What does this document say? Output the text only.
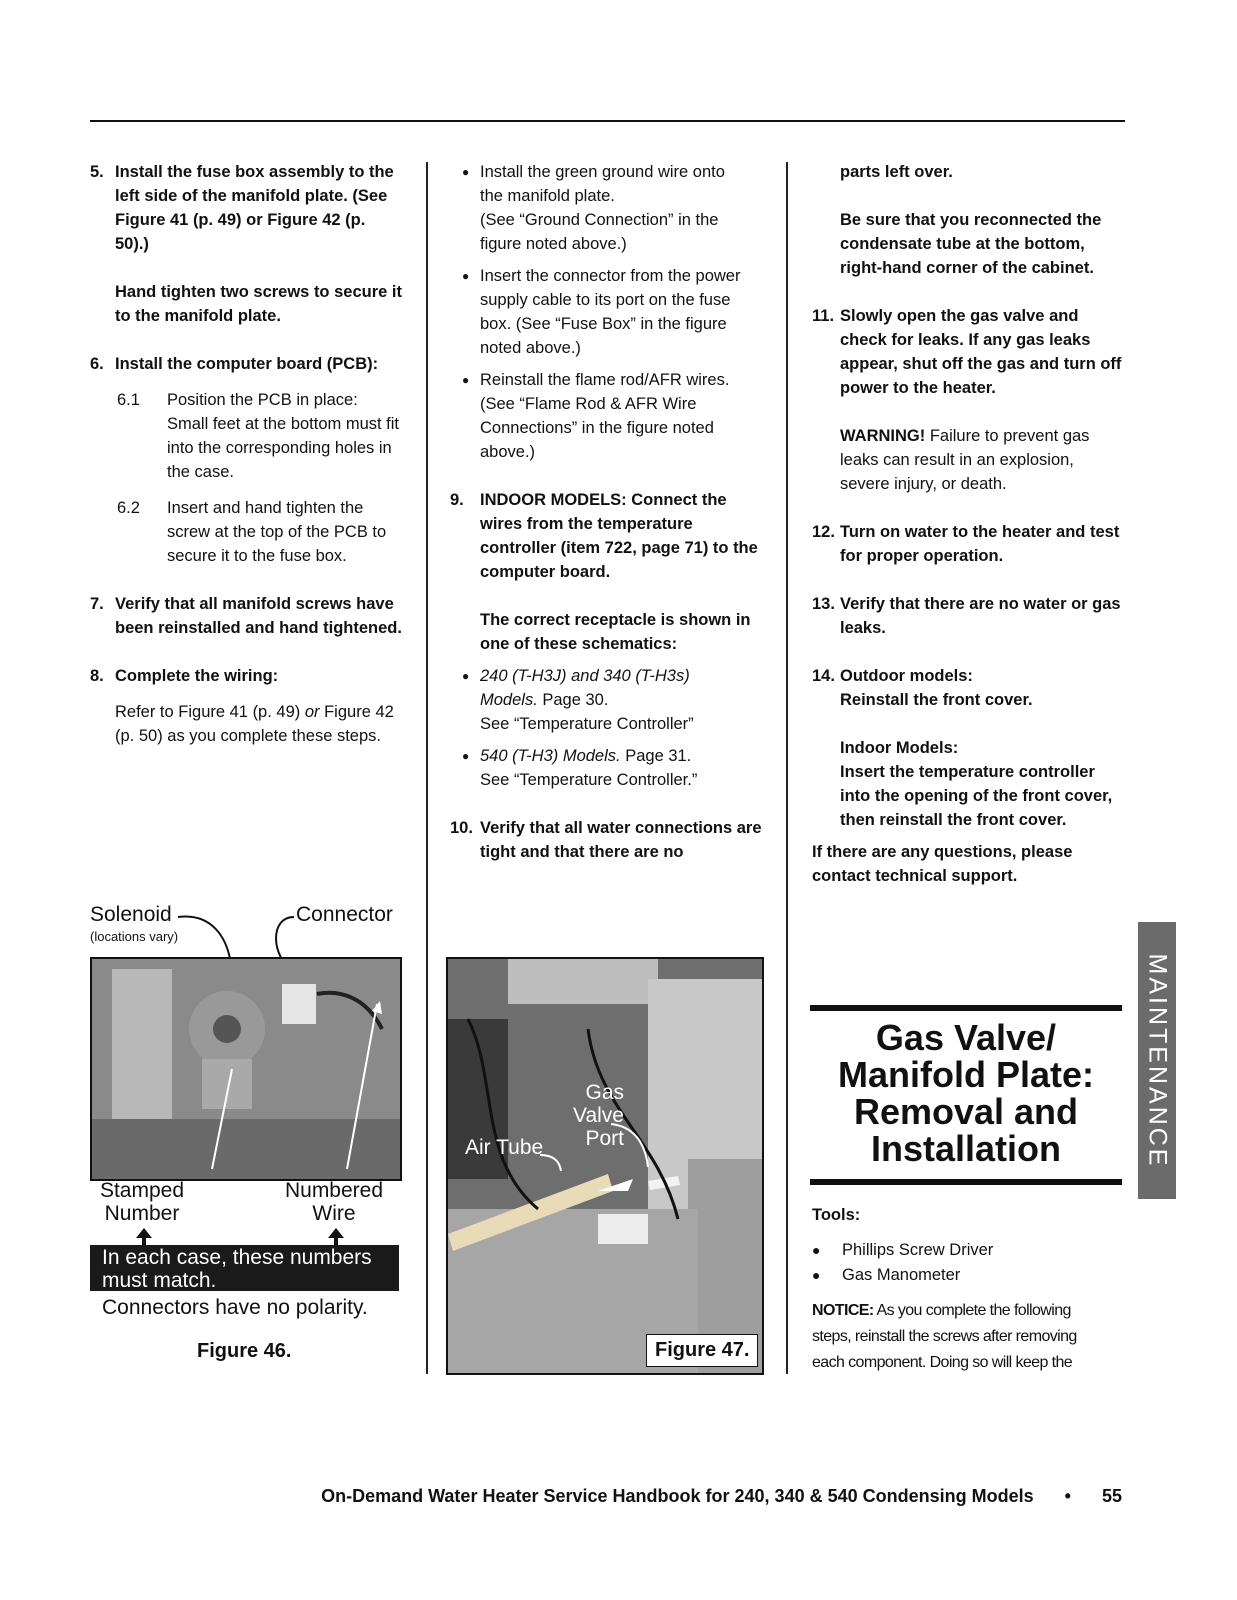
5. Install the fuse box assembly to the left side of the manifold plate. (See Figure 41 (p. 49) or Figure 42 (p. 50).)
Hand tighten two screws to secure it to the manifold plate.
6. Install the computer board (PCB):
6.1 Position the PCB in place: Small feet at the bottom must fit into the corresponding holes in the case.
6.2 Insert and hand tighten the screw at the top of the PCB to secure it to the fuse box.
7. Verify that all manifold screws have been reinstalled and hand tightened.
8. Complete the wiring:
Refer to Figure 41 (p. 49) or Figure 42 (p. 50) as you complete these steps.
Solenoid
(locations vary)
Connector
Stamped
Number
Numbered
Wire
In each case, these numbers
must match.
Connectors have no polarity.
Figure 46.
● Install the green ground wire onto the manifold plate.
(See “Ground Connection” in the figure noted above.)
● Insert the connector from the power supply cable to its port on the fuse box. (See “Fuse Box” in the figure noted above.)
● Reinstall the flame rod/AFR wires.
(See “Flame Rod & AFR Wire Connections” in the figure noted above.)
9. INDOOR MODELS: Connect the wires from the temperature controller (item 722, page 71) to the computer board.
The correct receptacle is shown in one of these schematics:
● 240 (T-H3J) and 340 (T-H3s) Models. Page 30.
See “Temperature Controller”
● 540 (T-H3) Models. Page 31.
See “Temperature Controller.”
10. Verify that all water connections are tight and that there are no
Gas Valve
Port
Air Tube
Figure 47.
parts left over.
Be sure that you reconnected the condensate tube at the bottom, right-hand corner of the cabinet.
11. Slowly open the gas valve and check for leaks. If any gas leaks appear, shut off the gas and turn off power to the heater.
WARNING! Failure to prevent gas leaks can result in an explosion, severe injury, or death.
12. Turn on water to the heater and test for proper operation.
13. Verify that there are no water or gas leaks.
14. Outdoor models:
Reinstall the front cover.
Indoor Models:
Insert the temperature controller into the opening of the front cover, then reinstall the front cover.
If there are any questions, please contact technical support.
MAINTENANCE
Gas Valve/
Manifold Plate:
Removal and
Installation
Tools:
● Phillips Screw Driver
● Gas Manometer
NOTICE: As you complete the following steps, reinstall the screws after removing each component. Doing so will keep the
On-Demand Water Heater Service Handbook for 240, 340 & 540 Condensing Models • 55
